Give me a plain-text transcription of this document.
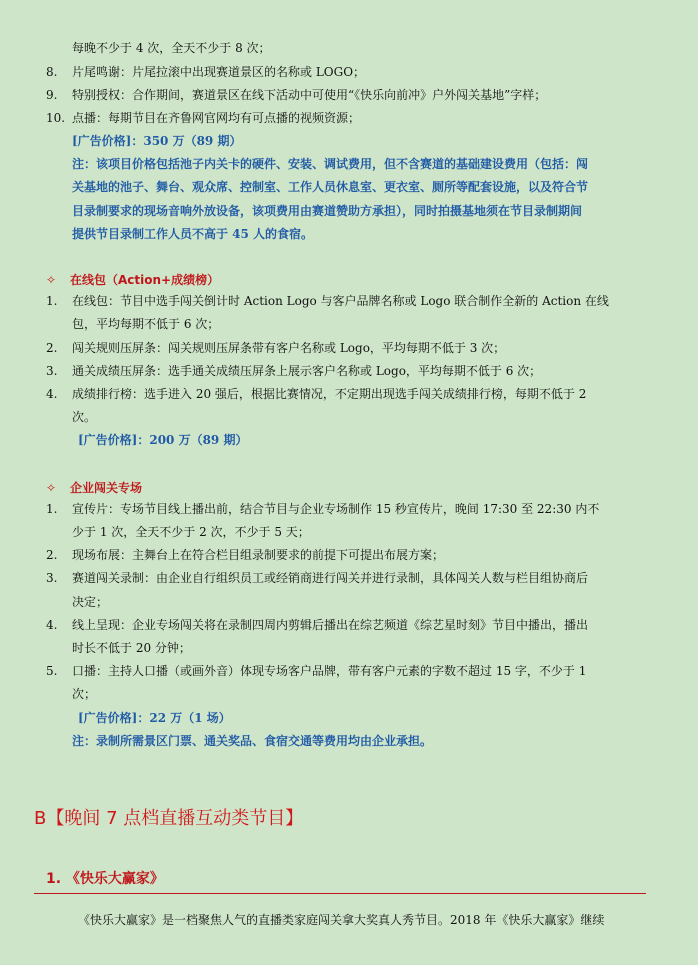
每晚不少于 4 次，全天不少于 8 次；
8. 片尾鸣谢：片尾拉滚中出现赛道景区的名称或 LOGO；
9. 特别授权：合作期间，赛道景区在线下活动中可使用“《快乐向前冲》户外闯关基地”字样；
10. 点播：每期节目在齐鲁网官网均有可点播的视频资源；
[广告价格]：350 万（89 期）
注：该项目价格包括池子内关卡的硬件、安装、调试费用，但不含赛道的基础建设费用（包括：闯
关基地的池子、舞台、观众席、控制室、工作人员休息室、更衣室、厕所等配套设施，以及符合节
目录制要求的现场音响外放设备，该项费用由赛道赞助方承担），同时拍摄基地须在节目录制期间
提供节目录制工作人员不高于 45 人的食宿。
✧ 在线包（Action+成绩榜）
1. 在线包：节目中选手闯关倒计时 Action Logo 与客户品牌名称或 Logo 联合制作全新的 Action 在线
包，平均每期不低于 6 次；
2. 闯关规则压屏条：闯关规则压屏条带有客户名称或 Logo，平均每期不低于 3 次；
3. 通关成绩压屏条：选手通关成绩压屏条上展示客户名称或 Logo，平均每期不低于 6 次；
4. 成绩排行榜：选手进入 20 强后，根据比赛情况，不定期出现选手闯关成绩排行榜，每期不低于 2
次。
[广告价格]：200 万（89 期）
✧ 企业闯关专场
1. 宣传片：专场节目线上播出前，结合节目与企业专场制作 15 秒宣传片，晚间 17:30 至 22:30 内不
少于 1 次，全天不少于 2 次，不少于 5 天；
2. 现场布展：主舞台上在符合栏目组录制要求的前提下可提出布展方案；
3. 赛道闯关录制：由企业自行组织员工或经销商进行闯关并进行录制，具体闯关人数与栏目组协商后
决定；
4. 线上呈现：企业专场闯关将在录制四周内剪辑后播出在综艺频道《综艺星时刻》节目中播出，播出
时长不低于 20 分钟；
5. 口播：主持人口播（或画外音）体现专场客户品牌，带有客户元素的字数不超过 15 字，不少于 1
次；
[广告价格]：22 万（1 场）
注：录制所需景区门票、通关奖品、食宿交通等费用均由企业承担。
B【晚间 7 点档直播互动类节目】
1. 《快乐大赢家》
《快乐大赢家》是一档聚焦人气的直播类家庭闯关拿大奖真人秀节目。2018 年《快乐大赢家》继续
